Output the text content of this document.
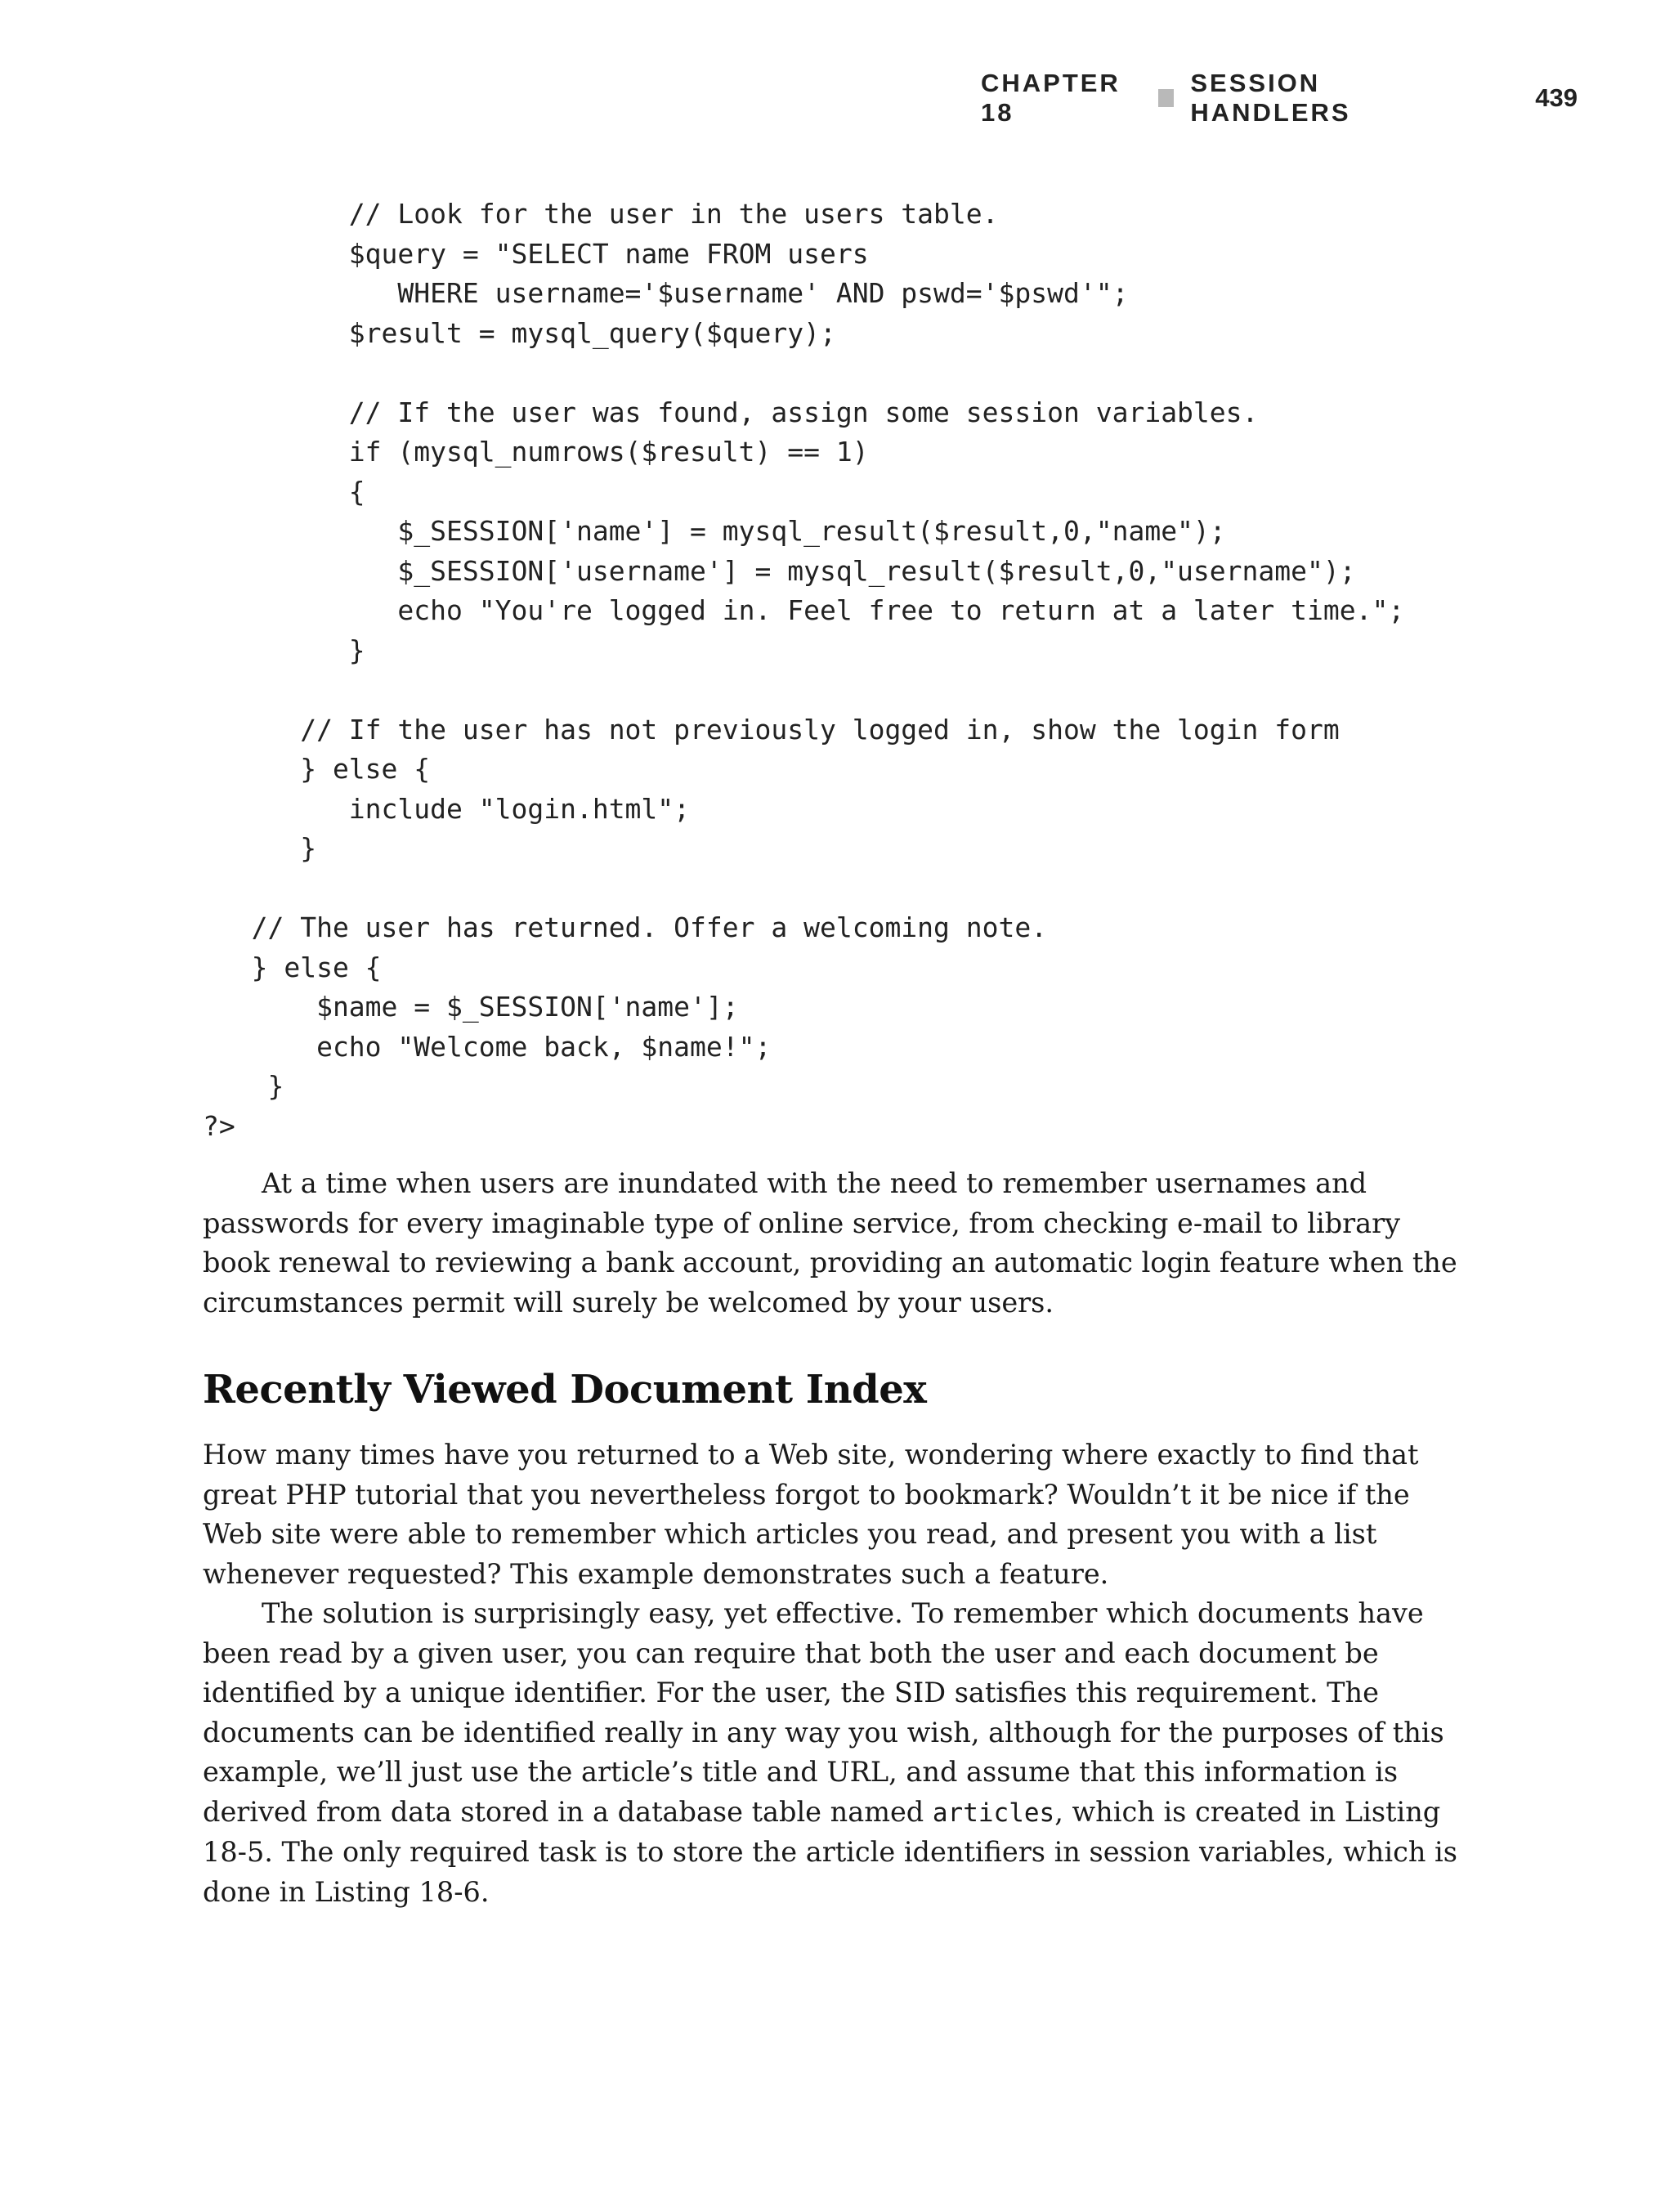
CHAPTER 18
SESSION HANDLERS
439
// Look for the user in the users table.
$query = "SELECT name FROM users
WHERE username='$username' AND pswd='$pswd'";
$result = mysql_query($query);

// If the user was found, assign some session variables.
if (mysql_numrows($result) == 1)
{
$_SESSION['name'] = mysql_result($result,0,"name");
$_SESSION['username'] = mysql_result($result,0,"username");
echo "You're logged in. Feel free to return at a later time.";
}

// If the user has not previously logged in, show the login form
} else {
include "login.html";
}

// The user has returned. Offer a welcoming note.
} else {
$name = $_SESSION['name'];
echo "Welcome back, $name!";
}
?>

At a time when users are inundated with the need to remember usernames and passwords for every imaginable type of online service, from checking e-mail to library book renewal to reviewing a bank account, providing an automatic login feature when the circumstances permit will surely be welcomed by your users.

Recently Viewed Document Index

How many times have you returned to a Web site, wondering where exactly to find that great PHP tutorial that you nevertheless forgot to bookmark? Wouldn’t it be nice if the Web site were able to remember which articles you read, and present you with a list whenever requested? This example demonstrates such a feature.

The solution is surprisingly easy, yet effective. To remember which documents have been read by a given user, you can require that both the user and each document be identified by a unique identifier. For the user, the SID satisfies this requirement. The documents can be identified really in any way you wish, although for the purposes of this example, we’ll just use the article’s title and URL, and assume that this information is derived from data stored in a database table named articles, which is created in Listing 18-5. The only required task is to store the article identifiers in session variables, which is done in Listing 18-6.
